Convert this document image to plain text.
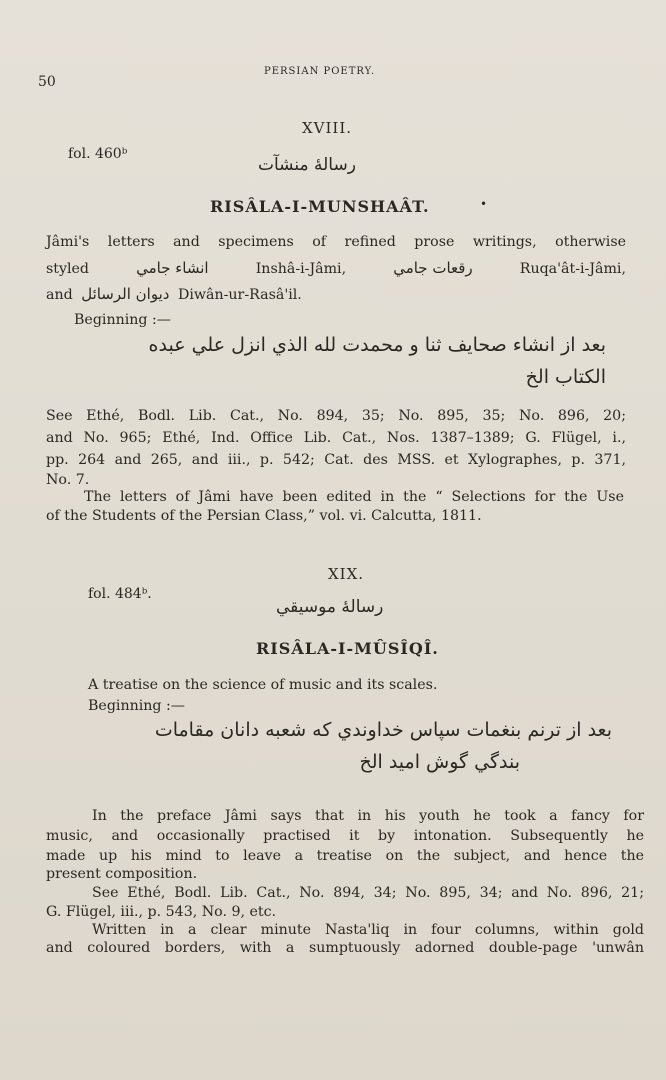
50
PERSIAN POETRY.
XVIII.
fol. 460ᵇ
رسالهٔ منشآت
RISÂLA-I-MUNSHAÂT.	•
Jâmi's letters and specimens of refined prose writings, otherwise
styled	انشاء جامي	Inshâ-i-Jâmi,	رقعات جامي	Ruqa'ât-i-Jâmi,
and ديوان الرسائل Diwân-ur-Rasâ'il.
Beginning :—
بعد از انشاء صحايف ثنا و محمدت لله الذي انزل علي عبده
الكتاب الخ
See Ethé, Bodl. Lib. Cat., No. 894, 35; No. 895, 35; No. 896, 20;
and No. 965; Ethé, Ind. Office Lib. Cat., Nos. 1387–1389; G. Flügel, i.,
pp. 264 and 265, and iii., p. 542; Cat. des MSS. et Xylographes, p. 371,
No. 7.
The letters of Jâmi have been edited in the “ Selections for the Use
of the Students of the Persian Class,” vol. vi. Calcutta, 1811.
XIX.
fol. 484ᵇ.
رسالهٔ موسيقي
RISÂLA-I-MÛSÎQÎ.
A treatise on the science of music and its scales.
Beginning :—
بعد از ترنم بنغمات سپاس خداوندي كه شعبه دانان مقامات
بندگي گوش اميد الخ
In the preface Jâmi says that in his youth he took a fancy for
music, and occasionally practised it by intonation. Subsequently he
made up his mind to leave a treatise on the subject, and hence the
present composition.
See Ethé, Bodl. Lib. Cat., No. 894, 34; No. 895, 34; and No. 896, 21;
G. Flügel, iii., p. 543, No. 9, etc.
Written in a clear minute Nasta'liq in four columns, within gold
and coloured borders, with a sumptuously adorned double-page 'unwân
